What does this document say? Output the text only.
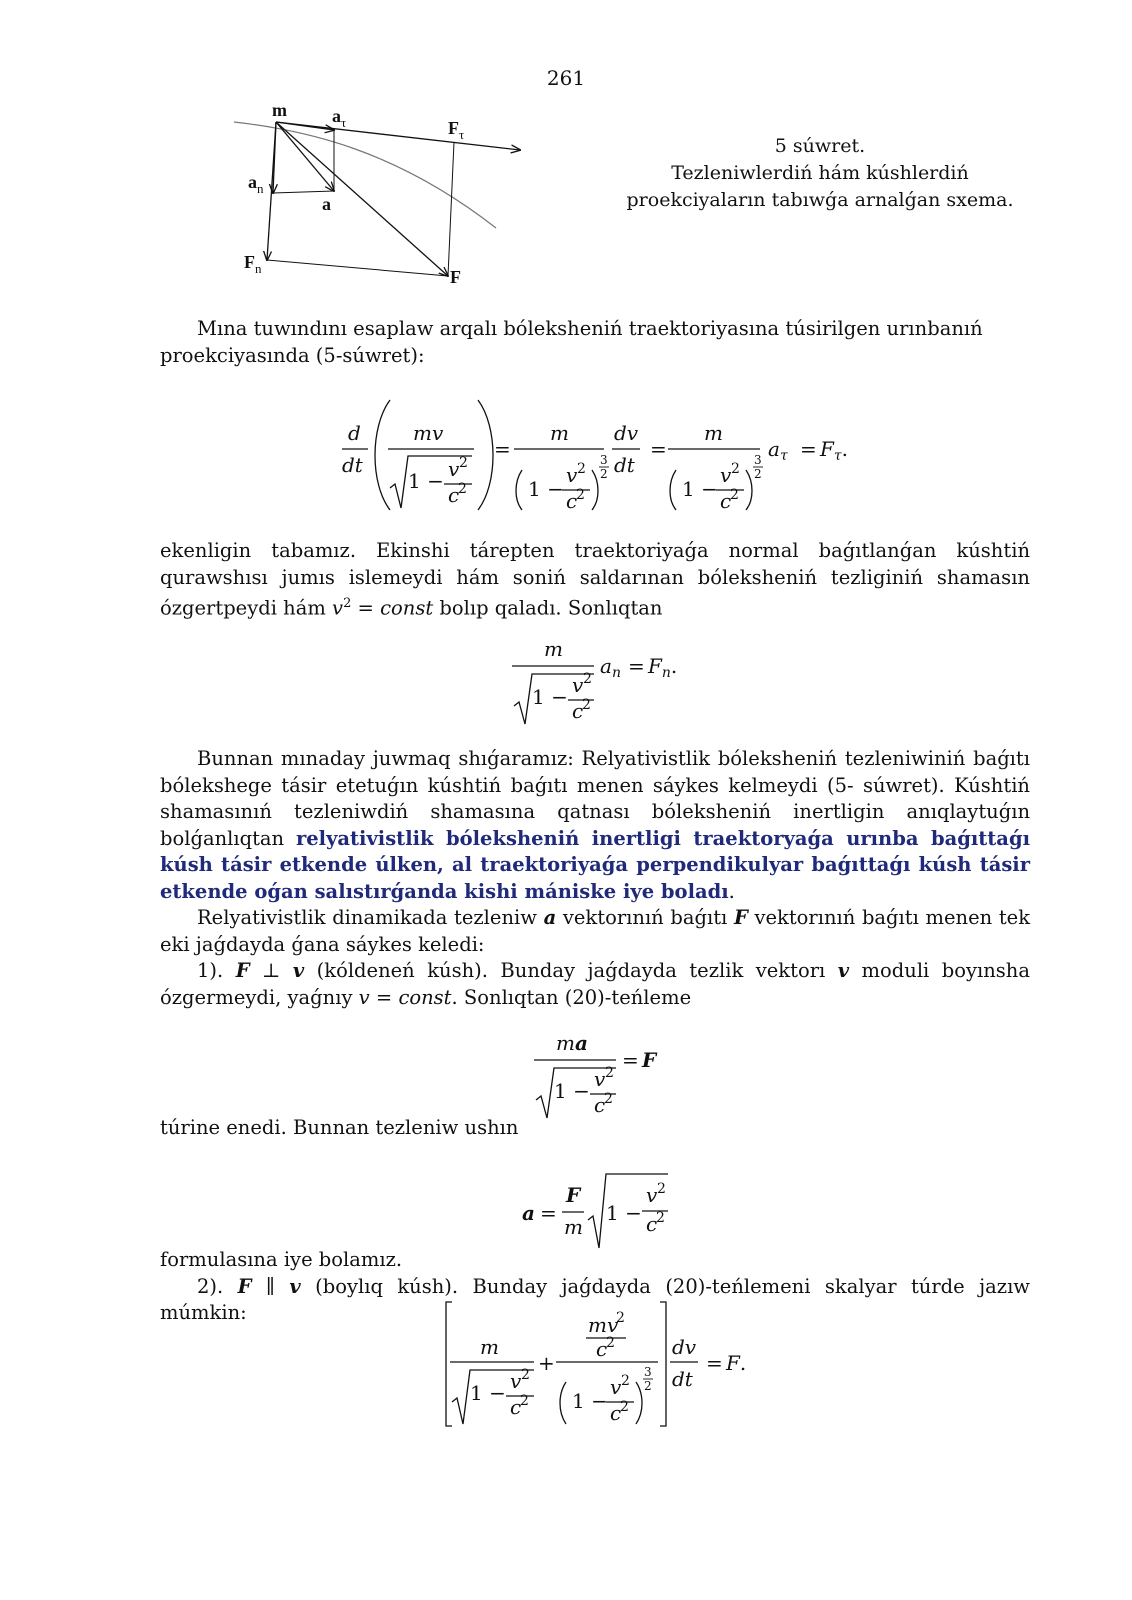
261
m	$a_\tau$	$F_\tau$
$a_n$
a
$F_n$	F
5 súwret.
Tezleniwlerdiń hám kúshlerdiń
proekciyaların tabıwǵa arnalǵan sxema.
Mına tuwındını esaplaw arqalı bóleksheniń traektoriyasına túsirilgen urınbanıń
proekciyasında (5-súwret):
d
dt
mv
1 − v 2
c
2
=
m
1 −
v 2
c
2
3
2
dv
dt
=
m
1 −
v 2
c
2
3
2
$a_\tau = F_\tau$.
ekenligin tabamız. Ekinshi tárepten traektoriyaǵa normal baǵıtlanǵan kúshtiń qurawshısı jumıs islemeydi hám soniń saldarınan bóleksheniń tezliginiń shamasın ózgertpeydi hám $v^2$ = const bolıp qaladı. Sonlıqtan
m
1 − v 2
c
2
$a_n = F_n$.
Bunnan mınaday juwmaq shıǵaramız: Relyativistlik bóleksheniń tezleniwiniń baǵıtı bólekshege tásir etetuǵın kúshtiń baǵıtı menen sáykes kelmeydi (5- súwret). Kúshtiń shamasınıń tezleniwdiń shamasına qatnası bóleksheniń inertligin anıqlaytuǵın bolǵanlıqtan relyativistlik bóleksheniń inertligi traektoryaǵa urınba baǵıttaǵı kúsh tásir etkende úlken, al traektoriyaǵa perpendikulyar baǵıttaǵı kúsh tásir etkende oǵan salıstırǵanda kishi mániske iye boladı.
Relyativistlik dinamikada tezleniw a vektorınıń baǵıtı F vektorınıń baǵıtı menen tek eki jaǵdayda ǵana sáykes keledi:
1). F ⊥ v (kóldeneń kúsh). Bunday jaǵdayda tezlik vektorı v moduli boyınsha ózgermeydi, yaǵnıy v = const. Sonlıqtan (20)-teńleme
ma
1 − v 2
c
2
= F
túrine enedi. Bunnan tezleniw ushın
a =
F
m
1 −
v 2
c
2
formulasına iye bolamız.
2). F ∥ v (boylıq kúsh). Bunday jaǵdayda (20)-teńlemeni skalyar túrde jazıw múmkin:
m
1 − v 2
c
2
+
mv
2
c
2
1 −
v 2
c
2
3
2
dv
dt
= F.
